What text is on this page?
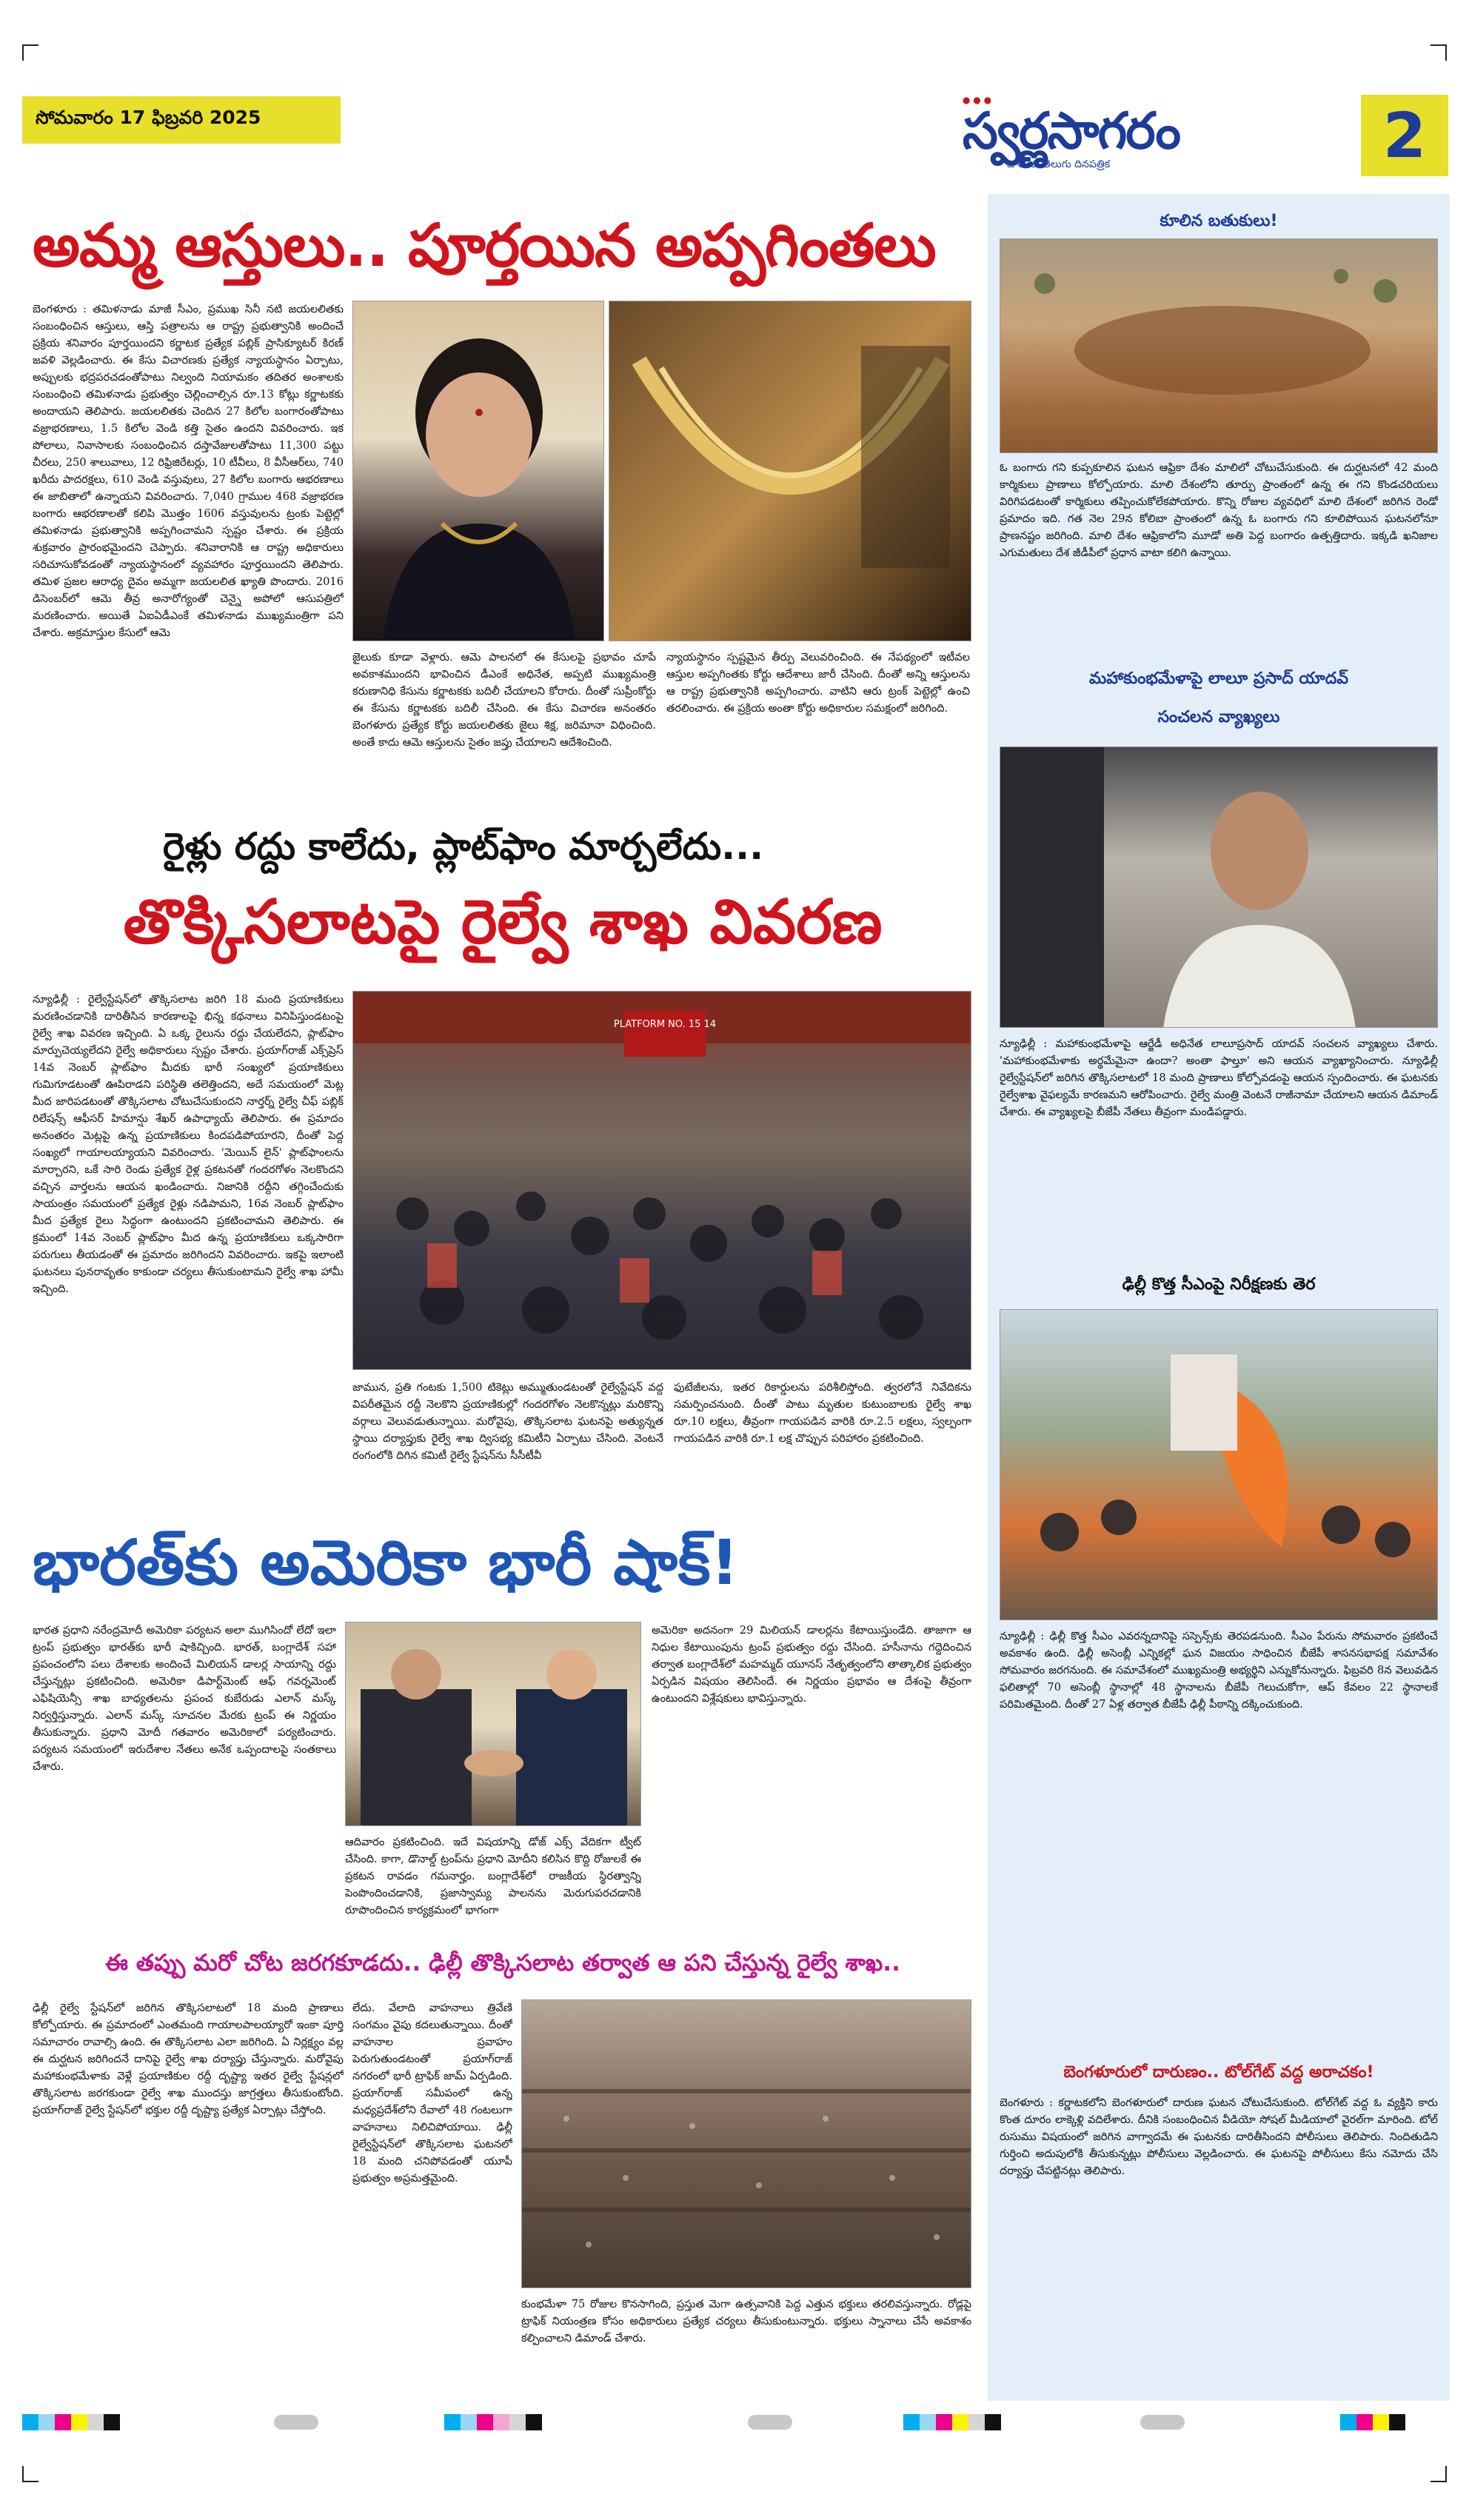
సోమవారం 17 ఫిబ్రవరి 2025
● ● ●
స్వర్ణసాగరం
జాతీయ తెలుగు దినపత్రిక	2
అమ్మ ఆస్తులు.. పూర్తయిన అప్పగింతలు
బెంగళూరు : తమిళనాడు మాజీ సీఎం, ప్రముఖ సినీ నటి జయలలితకు సంబంధించిన ఆస్తులు, ఆస్తి పత్రాలను ఆ రాష్ట్ర ప్రభుత్వానికి అందించే ప్రక్రియ శనివారం పూర్తయిందని కర్ణాటక ప్రత్యేక పబ్లిక్ ప్రాసిక్యూటర్ కిరణ్ జవళి వెల్లడించారు. ఈ కేసు విచారణకు ప్రత్యేక న్యాయస్థానం ఏర్పాటు, అప్పులకు భద్రపరచడంతోపాటు నిల్వంది నియామకం తదితర అంశాలకు సంబంధించి తమిళనాడు ప్రభుత్వం చెల్లించాల్సిన రూ.13 కోట్లు కర్ణాటకకు అందాయని తెలిపారు. జయలలితకు చెందిన 27 కిలోల బంగారంతోపాటు వజ్రాభరణాలు, 1.5 కిలోల వెండి కత్తి సైతం ఉందని వివరించారు. ఇక పోలాలు, నివాసాలకు సంబంధించిన దస్తావేజులతోపాటు 11,300 పట్టు చీరలు, 250 శాలువాలు, 12 రిఫ్రిజిరేటర్లు, 10 టీవీలు, 8 వీసీఆర్‌లు, 740 ఖరీదు పాదరక్షలు, 610 వెండి వస్తువులు, 27 కిలోల బంగారు ఆభరణాలు ఈ జాబితాలో ఉన్నాయని వివరించారు. 7,040 గ్రాముల 468 వజ్రాభరణ బంగారు ఆభరణాలతో కలిపి మొత్తం 1606 వస్తువులను ట్రంకు పెట్టెల్లో తమిళనాడు ప్రభుత్వానికి అప్పగించామని స్పష్టం చేశారు. ఈ ప్రక్రియ శుక్రవారం ప్రారంభమైందని చెప్పారు. శనివారానికి ఆ రాష్ట్ర అధికారులు సరిచూసుకోవడంతో న్యాయస్థానంలో వ్యవహారం పూర్తయిందని తెలిపారు. తమిళ ప్రజల ఆరాధ్య దైవం అమ్మగా జయలలిత ఖ్యాతి పొందారు. 2016 డిసెంబర్‌లో ఆమె తీవ్ర అనారోగ్యంతో చెన్నై అపోలో ఆసుపత్రిలో మరణించారు. అయితే ఏఐఏడీఎంకే తమిళనాడు ముఖ్యమంత్రిగా పని చేశారు. అక్రమాస్తుల కేసులో ఆమె
జైలుకు కూడా వెళ్లారు. ఆమె పాలనలో ఈ కేసులపై ప్రభావం చూపే అవకాశముందని భావించిన డీఎంకే అధినేత, అప్పటి ముఖ్యమంత్రి కరుణానిధి కేసును కర్ణాటకకు బదిలీ చేయాలని కోరారు. దీంతో సుప్రీంకోర్టు ఈ కేసును కర్ణాటకకు బదిలీ చేసింది. ఈ కేసు విచారణ అనంతరం బెంగళూరు ప్రత్యేక కోర్టు జయలలితకు జైలు శిక్ష, జరిమానా విధించింది. అంతే కాదు ఆమె ఆస్తులను సైతం జప్తు చేయాలని ఆదేశించింది.
న్యాయస్థానం స్పష్టమైన తీర్పు వెలువరించింది. ఈ నేపథ్యంలో ఇటీవల ఆస్తుల అప్పగింతకు కోర్టు ఆదేశాలు జారీ చేసింది. దీంతో అన్ని ఆస్తులను ఆ రాష్ట్ర ప్రభుత్వానికి అప్పగించారు. వాటిని ఆరు ట్రంక్ పెట్టెల్లో ఉంచి తరలించారు. ఈ ప్రక్రియ అంతా కోర్టు అధికారుల సమక్షంలో జరిగింది.
రైళ్లు రద్దు కాలేదు, ప్లాట్‌ఫాం మార్చలేదు...
తొక్కిసలాటపై రైల్వే శాఖ వివరణ
న్యూఢిల్లీ : రైల్వేస్టేషన్‌లో తొక్కిసలాట జరిగి 18 మంది ప్రయాణికులు మరణించడానికి దారితీసిన కారణాలపై భిన్న కథనాలు వినిపిస్తుండటంపై రైల్వే శాఖ వివరణ ఇచ్చింది. ఏ ఒక్క రైలును రద్దు చేయలేదని, ప్లాట్‌ఫాం మార్పుచెయ్యలేదని రైల్వే అధికారులు స్పష్టం చేశారు. ప్రయాగ్‌రాజ్ ఎక్స్‌ప్రెస్ 14వ నెంబర్ ప్లాట్‌ఫాం మీదకు భారీ సంఖ్యలో ప్రయాణికులు గుమిగూడటంతో ఊపిరాడని పరిస్థితి తలెత్తిందని, అదే సమయంలో మెట్ల మీద జారిపడటంతో తొక్కిసలాట చోటుచేసుకుందని నార్తర్న్ రైల్వే చీఫ్ పబ్లిక్ రిలేషన్స్ ఆఫీసర్ హిమాన్షు శేఖర్ ఉపాధ్యాయ్ తెలిపారు. ఈ ప్రమాదం అనంతరం మెట్లపై ఉన్న ప్రయాణికులు కిందపడిపోయారని, దీంతో పెద్ద సంఖ్యలో గాయాలయ్యాయని వివరించారు. 'మెయిన్ లైన్' ప్లాట్‌ఫాంలను మార్చారని, ఒకే సారి రెండు ప్రత్యేక రైళ్ల ప్రకటనతో గందరగోళం నెలకొందని వచ్చిన వార్తలను ఆయన ఖండించారు. నిజానికి రద్దీని తగ్గించేందుకు సాయంత్రం సమయంలో ప్రత్యేక రైళ్లు నడిపామని, 16వ నెంబర్ ప్లాట్‌ఫాం మీద ప్రత్యేక రైలు సిద్ధంగా ఉంటుందని ప్రకటించామని తెలిపారు. ఈ క్రమంలో 14వ నెంబర్ ప్లాట్‌ఫాం మీద ఉన్న ప్రయాణికులు ఒక్కసారిగా పరుగులు తీయడంతో ఈ ప్రమాదం జరిగిందని వివరించారు. ఇకపై ఇలాంటి ఘటనలు పునరావృతం కాకుండా చర్యలు తీసుకుంటామని రైల్వే శాఖ హామీ ఇచ్చింది.
PLATFORM NO. 15 14
జామున, ప్రతి గంటకు 1,500 టికెట్లు అమ్ముతుండటంతో రైల్వేస్టేషన్ వద్ద విపరీతమైన రద్దీ నెలకొని ప్రయాణికుల్లో గందరగోళం నెలకొన్నట్లు మరికొన్ని వర్గాలు వెలువడుతున్నాయి. మరోవైపు, తొక్కిసలాట ఘటనపై అత్యున్నత స్థాయి దర్యాప్తుకు రైల్వే శాఖ ద్విసభ్య కమిటీని ఏర్పాటు చేసింది. వెంటనే రంగంలోకి దిగిన కమిటీ రైల్వే స్టేషన్‌ను సీసీటీవీ
ఫుటేజీలను, ఇతర రికార్డులను పరిశీలిస్తోంది. త్వరలోనే నివేదికను సమర్పించనుంది. దీంతో పాటు మృతుల కుటుంబాలకు రైల్వే శాఖ రూ.10 లక్షలు, తీవ్రంగా గాయపడిన వారికి రూ.2.5 లక్షలు, స్వల్పంగా గాయపడిన వారికి రూ.1 లక్ష చొప్పున పరిహారం ప్రకటించింది.
భారత్‌కు అమెరికా భారీ షాక్!
భారత ప్రధాని నరేంద్రమోదీ అమెరికా పర్యటన అలా ముగిసిందో లేదో ఇలా ట్రంప్ ప్రభుత్వం భారత్‌కు భారీ షాకిచ్చింది. భారత్, బంగ్లాదేశ్ సహా ప్రపంచంలోని పలు దేశాలకు అందించే మిలియన్ డాలర్ల సాయాన్ని రద్దు చేస్తున్నట్లు ప్రకటించింది. అమెరికా డిపార్ట్‌మెంట్ ఆఫ్ గవర్నమెంట్ ఎఫిషియెన్సీ శాఖ బాధ్యతలను ప్రపంచ కుబేరుడు ఎలాన్ మస్క్ నిర్వర్తిస్తున్నారు. ఎలాన్ మస్క్ సూచనల మేరకు ట్రంప్ ఈ నిర్ణయం తీసుకున్నారు. ప్రధాని మోదీ గతవారం అమెరికాలో పర్యటించారు. పర్యటన సమయంలో ఇరుదేశాల నేతలు అనేక ఒప్పందాలపై సంతకాలు చేశారు.
ఆదివారం ప్రకటించింది. ఇదే విషయాన్ని డోజ్ ఎక్స్ వేదికగా ట్వీట్ చేసింది. కాగా, డొనాల్డ్ ట్రంప్‌ను ప్రధాని మోదీని కలిసిన కొద్ది రోజులకే ఈ ప్రకటన రావడం గమనార్హం. బంగ్లాదేశ్‌లో రాజకీయ స్థిరత్వాన్ని పెంపొందించడానికి, ప్రజాస్వామ్య పాలనను మెరుగుపరచడానికి రూపొందించిన కార్యక్రమంలో భాగంగా
అమెరికా అదనంగా 29 మిలియన్ డాలర్లను కేటాయిస్తుండేది. తాజాగా ఆ నిధుల కేటాయింపును ట్రంప్ ప్రభుత్వం రద్దు చేసింది. హసీనాను గద్దెదించిన తర్వాత బంగ్లాదేశ్‌లో మహమ్మద్ యూనస్ నేతృత్వంలోని తాత్కాలిక ప్రభుత్వం ఏర్పడిన విషయం తెలిసిందే. ఈ నిర్ణయం ప్రభావం ఆ దేశంపై తీవ్రంగా ఉంటుందని విశ్లేషకులు భావిస్తున్నారు.
ఈ తప్పు మరో చోట జరగకూడదు.. ఢిల్లీ తొక్కిసలాట తర్వాత ఆ పని చేస్తున్న రైల్వే శాఖ..
ఢిల్లీ రైల్వే స్టేషన్‌లో జరిగిన తొక్కిసలాటలో 18 మంది ప్రాణాలు కోల్పోయారు. ఈ ప్రమాదంలో ఎంతమంది గాయాలపాలయ్యారో ఇంకా పూర్తి సమాచారం రావాల్సి ఉంది. ఈ తొక్కిసలాట ఎలా జరిగింది. ఏ నిర్లక్ష్యం వల్ల ఈ దుర్ఘటన జరిగిందనే దానిపై రైల్వే శాఖ దర్యాప్తు చేస్తున్నారు. మరోవైపు మహాకుంభమేళాకు వెళ్లే ప్రయాణికుల రద్దీ దృష్ట్యా ఇతర రైల్వే స్టేషన్లలో తొక్కిసలాట జరగకుండా రైల్వే శాఖ ముందస్తు జాగ్రత్తలు తీసుకుంటోంది. ప్రయాగ్‌రాజ్ రైల్వే స్టేషన్‌లో భక్తుల రద్దీ దృష్ట్యా ప్రత్యేక ఏర్పాట్లు చేస్తోంది.
లేదు. వేలాది వాహనాలు త్రివేణి సంగమం వైపు కదలుతున్నాయి. దీంతో వాహనాల ప్రవాహం పెరుగుతుండటంతో ప్రయాగ్‌రాజ్ నగరంలో భారీ ట్రాఫిక్ జామ్ ఏర్పడింది. ప్రయాగ్‌రాజ్ సమీపంలో ఉన్న మధ్యప్రదేశ్‌లోని రేవాలో 48 గంటలుగా వాహనాలు నిలిచిపోయాయి. ఢిల్లీ రైల్వేస్టేషన్‌లో తొక్కిసలాట ఘటనలో 18 మంది చనిపోవడంతో యూపీ ప్రభుత్వం అప్రమత్తమైంది.
కుంభమేళా 75 రోజుల కొనసాగింది, ప్రస్తుత మెగా ఉత్సవానికి పెద్ద ఎత్తున భక్తులు తరలివస్తున్నారు. రోడ్లపై ట్రాఫిక్ నియంత్రణ కోసం అధికారులు ప్రత్యేక చర్యలు తీసుకుంటున్నారు. భక్తులు స్నానాలు చేసే అవకాశం కల్పించాలని డిమాండ్ చేశారు.
కూలిన బతుకులు!
ఓ బంగారు గని కుప్పకూలిన ఘటన ఆఫ్రికా దేశం మాలిలో చోటుచేసుకుంది. ఈ దుర్ఘటనలో 42 మంది కార్మికులు ప్రాణాలు కోల్పోయారు. మాలి దేశంలోని తూర్పు ప్రాంతంలో ఉన్న ఈ గని కొండచరియలు విరిగిపడటంతో కార్మికులు తప్పించుకోలేకపోయారు. కొన్ని రోజుల వ్యవధిలో మాలి దేశంలో జరిగిన రెండో ప్రమాదం ఇది. గత నెల 29న కోలిబా ప్రాంతంలో ఉన్న ఓ బంగారు గని కూలిపోయిన ఘటనలోనూ ప్రాణనష్టం జరిగింది. మాలి దేశం ఆఫ్రికాలోని మూడో అతి పెద్ద బంగారం ఉత్పత్తిదారు. ఇక్కడి ఖనిజాల ఎగుమతులు దేశ జీడీపీలో ప్రధాన వాటా కలిగి ఉన్నాయి.
మహాకుంభమేళాపై లాలూ ప్రసాద్ యాదవ్
సంచలన వ్యాఖ్యలు
న్యూఢిల్లీ : మహాకుంభమేళాపై ఆర్జేడీ అధినేత లాలూప్రసాద్ యాదవ్ సంచలన వ్యాఖ్యలు చేశారు. 'మహాకుంభమేళాకు అర్థమేమైనా ఉందా? అంతా ఫాల్తూ' అని ఆయన వ్యాఖ్యానించారు. న్యూఢిల్లీ రైల్వేస్టేషన్‌లో జరిగిన తొక్కిసలాటలో 18 మంది ప్రాణాలు కోల్పోవడంపై ఆయన స్పందించారు. ఈ ఘటనకు రైల్వేశాఖ వైఫల్యమే కారణమని ఆరోపించారు. రైల్వే మంత్రి వెంటనే రాజీనామా చేయాలని ఆయన డిమాండ్ చేశారు. ఈ వ్యాఖ్యలపై బీజేపీ నేతలు తీవ్రంగా మండిపడ్డారు.
ఢిల్లీ కొత్త సీఎంపై నిరీక్షణకు తెర
న్యూఢిల్లీ : ఢిల్లీ కొత్త సీఎం ఎవరన్నదానిపై సస్పెన్స్‌కు తెరపడనుంది. సీఎం పేరును సోమవారం ప్రకటించే అవకాశం ఉంది. ఢిల్లీ అసెంబ్లీ ఎన్నికల్లో ఘన విజయం సాధించిన బీజేపీ శాసనసభాపక్ష సమావేశం సోమవారం జరగనుంది. ఈ సమావేశంలో ముఖ్యమంత్రి అభ్యర్థిని ఎన్నుకోనున్నారు. ఫిబ్రవరి 8న వెలువడిన ఫలితాల్లో 70 అసెంబ్లీ స్థానాల్లో 48 స్థానాలను బీజేపీ గెలుచుకోగా, ఆప్ కేవలం 22 స్థానాలకే పరిమితమైంది. దీంతో 27 ఏళ్ల తర్వాత బీజేపీ ఢిల్లీ పీఠాన్ని దక్కించుకుంది.
బెంగళూరులో దారుణం.. టోల్‌గేట్ వద్ద అరాచకం!
బెంగళూరు : కర్ణాటకలోని బెంగళూరులో దారుణ ఘటన చోటుచేసుకుంది. టోల్‌గేట్ వద్ద ఓ వ్యక్తిని కారు కొంత దూరం లాక్కెళ్లి వదిలేశారు. దీనికి సంబంధించిన వీడియో సోషల్ మీడియాలో వైరల్‌గా మారింది. టోల్ రుసుము విషయంలో జరిగిన వాగ్వాదమే ఈ ఘటనకు దారితీసిందని పోలీసులు తెలిపారు. నిందితుడిని గుర్తించి అదుపులోకి తీసుకున్నట్లు పోలీసులు వెల్లడించారు. ఈ ఘటనపై పోలీసులు కేసు నమోదు చేసి దర్యాప్తు చేపట్టినట్లు తెలిపారు.
